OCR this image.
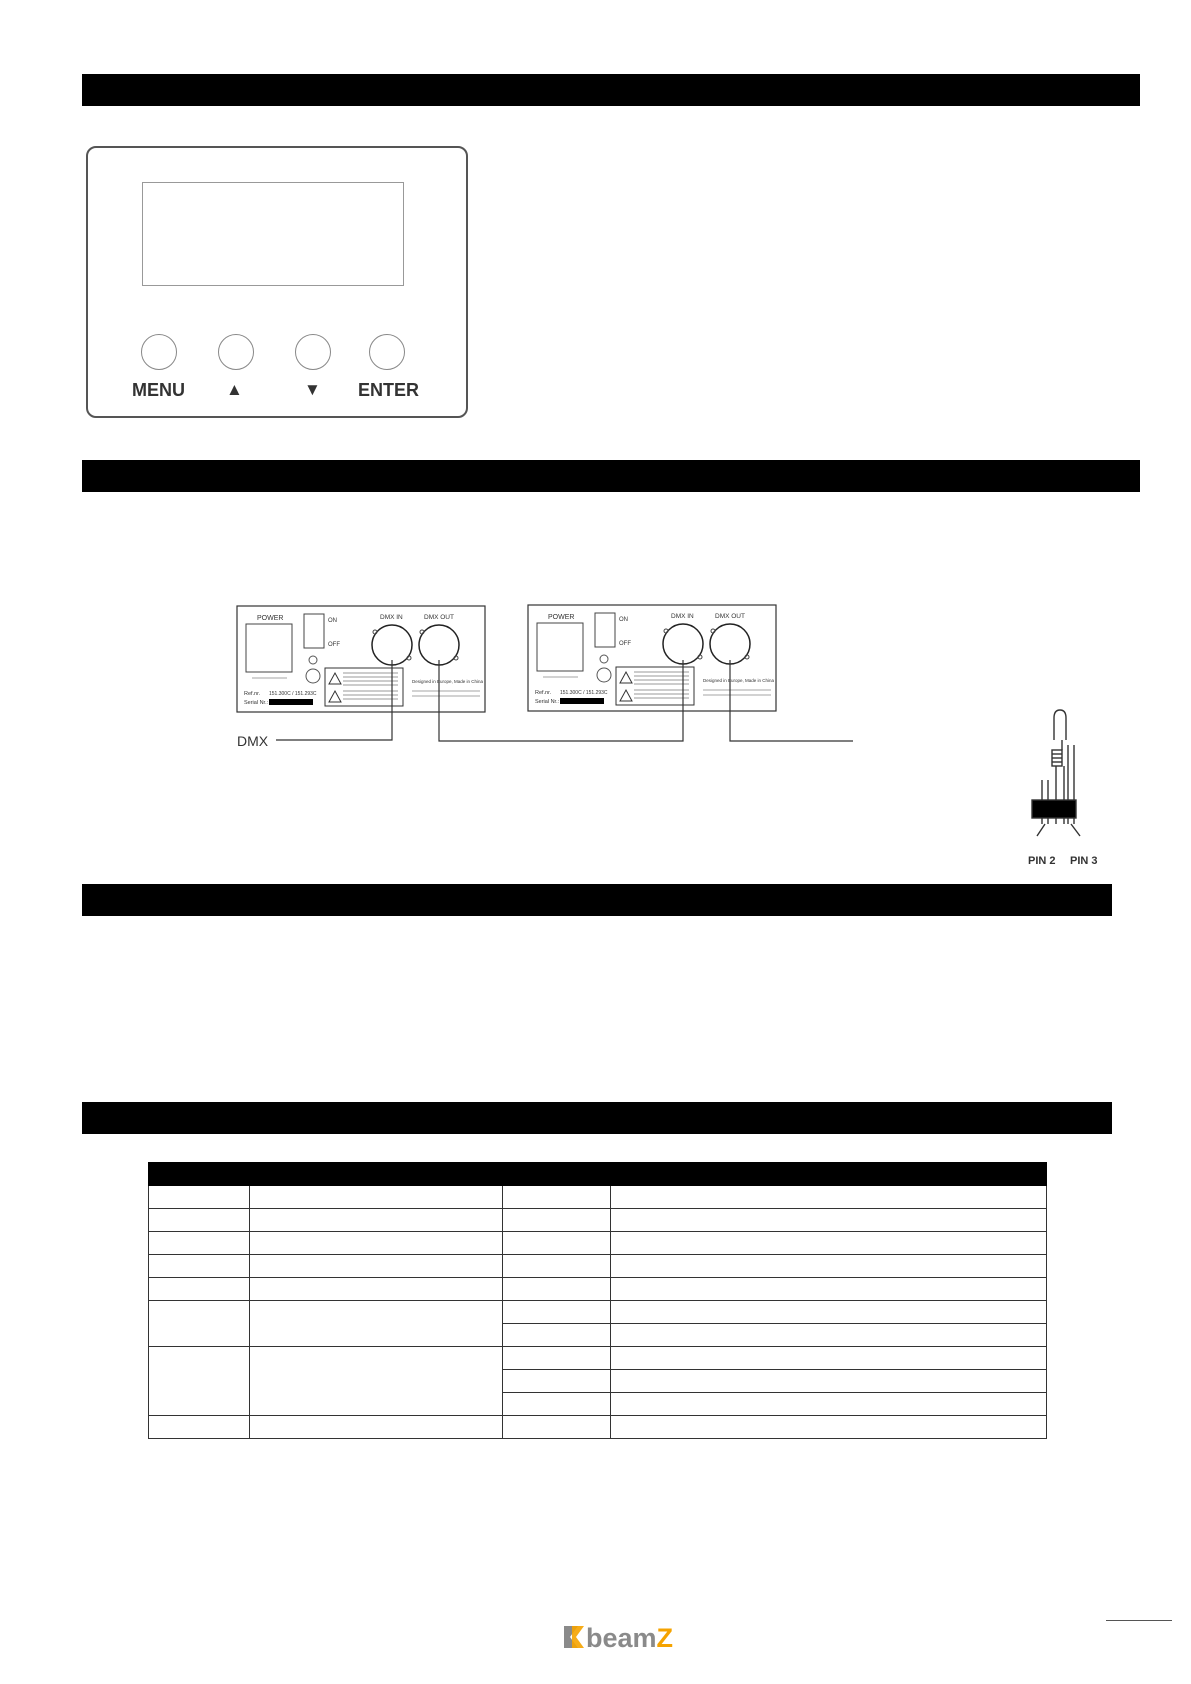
MENU ▲	▼ ENTER
POWER	ON
OFF
DMX IN	DMX OUT
Designed in Europe, Made in China
Ref.nr. 151.300C / 151.293C
Serial Nr.:
POWER	ON
OFF
DMX IN	DMX OUT
Designed in Europe, Made in China
Ref.nr. 151.300C / 151.293C
Serial Nr.:
DMX
PIN 2 PIN 3

beamZ
